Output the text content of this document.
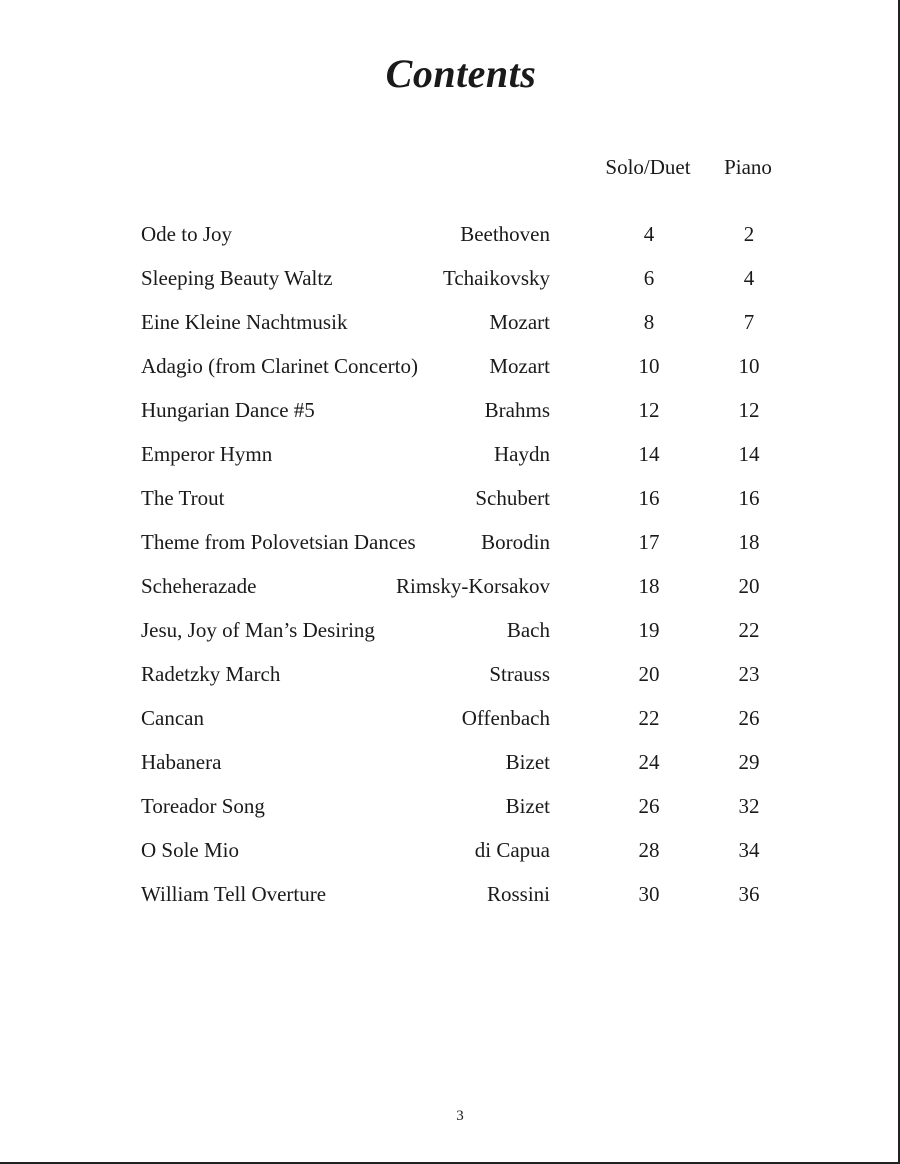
Contents
Solo/Duet	Piano
Ode to Joy	Beethoven	4	2
Sleeping Beauty Waltz	Tchaikovsky	6	4
Eine Kleine Nachtmusik	Mozart	8	7
Adagio (from Clarinet Concerto)	Mozart	10	10
Hungarian Dance #5	Brahms	12	12
Emperor Hymn	Haydn	14	14
The Trout	Schubert	16	16
Theme from Polovetsian Dances	Borodin	17	18
Scheherazade	Rimsky-Korsakov	18	20
Jesu, Joy of Man’s Desiring	Bach	19	22
Radetzky March	Strauss	20	23
Cancan	Offenbach	22	26
Habanera	Bizet	24	29
Toreador Song	Bizet	26	32
O Sole Mio	di Capua	28	34
William Tell Overture	Rossini	30	36
3
